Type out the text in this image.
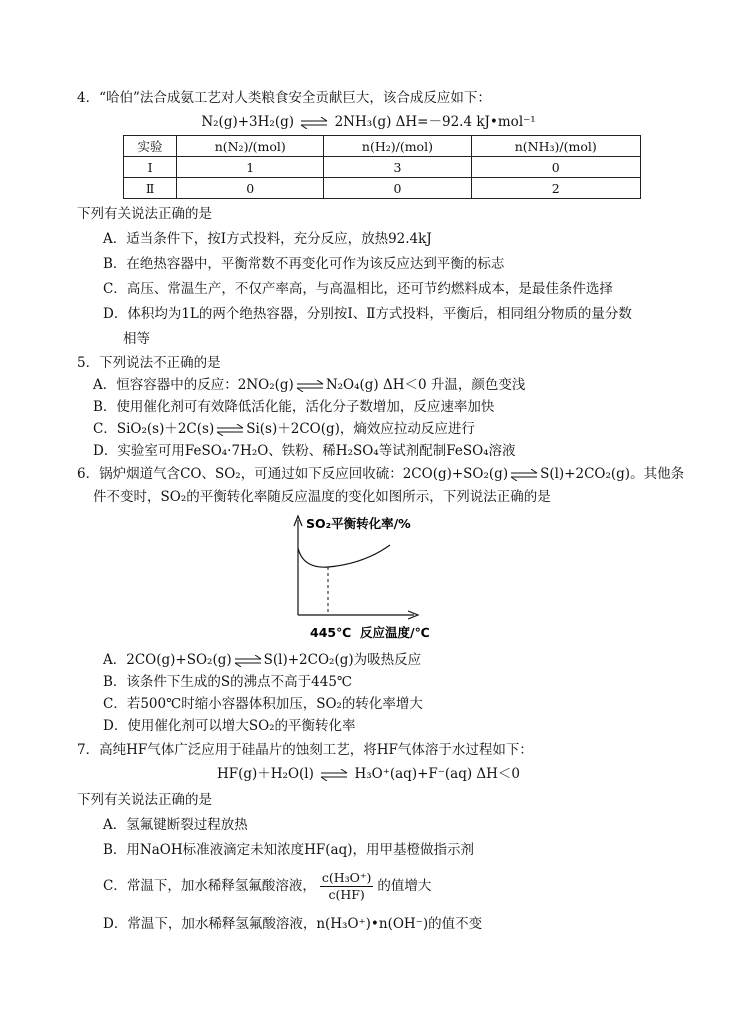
4．“哈伯”法合成氨工艺对人类粮食安全贡献巨大，该合成反应如下：
N₂(g)+3H₂(g) ⇌ 2NH₃(g) ΔH=－92.4 kJ•mol⁻¹
实验	n(N₂)/(mol)	n(H₂)/(mol)	n(NH₃)/(mol)
Ⅰ	1	3	0
Ⅱ	0	0	2
下列有关说法正确的是
A．适当条件下，按Ⅰ方式投料，充分反应，放热92.4kJ
B．在绝热容器中，平衡常数不再变化可作为该反应达到平衡的标志
C．高压、常温生产，不仅产率高，与高温相比，还可节约燃料成本，是最佳条件选择
D．体积均为1L的两个绝热容器，分别按Ⅰ、Ⅱ方式投料，平衡后，相同组分物质的量分数
相等
5．下列说法不正确的是
A．恒容容器中的反应：2NO₂(g) ⇌ N₂O₄(g) ΔH＜0 升温，颜色变浅
B．使用催化剂可有效降低活化能，活化分子数增加，反应速率加快
C．SiO₂(s)＋2C(s) ⇌ Si(s)＋2CO(g)，熵效应拉动反应进行
D．实验室可用FeSO₄·7H₂O、铁粉、稀H₂SO₄等试剂配制FeSO₄溶液
6．锅炉烟道气含CO、SO₂，可通过如下反应回收硫：2CO(g)+SO₂(g) ⇌ S(l)+2CO₂(g)。其他条
件不变时，SO₂的平衡转化率随反应温度的变化如图所示，下列说法正确的是
SO₂平衡转化率/%
445℃ 反应温度/℃
A．2CO(g)+SO₂(g) ⇌ S(l)+2CO₂(g)为吸热反应
B．该条件下生成的S的沸点不高于445℃
C．若500℃时缩小容器体积加压，SO₂的转化率增大
D．使用催化剂可以增大SO₂的平衡转化率
7．高纯HF气体广泛应用于硅晶片的蚀刻工艺，将HF气体溶于水过程如下：
HF(g)＋H₂O(l) ⇌ H₃O⁺(aq)+F⁻(aq) ΔH＜0
下列有关说法正确的是
A．氢氟键断裂过程放热
B．用NaOH标准液滴定未知浓度HF(aq)，用甲基橙做指示剂
C．常温下，加水稀释氢氟酸溶液， $\frac{\text{c(H₃O⁺)}}{c(HF)}$ 的值增大
D．常温下，加水稀释氢氟酸溶液，n(H₃O⁺)•n(OH⁻)的值不变
